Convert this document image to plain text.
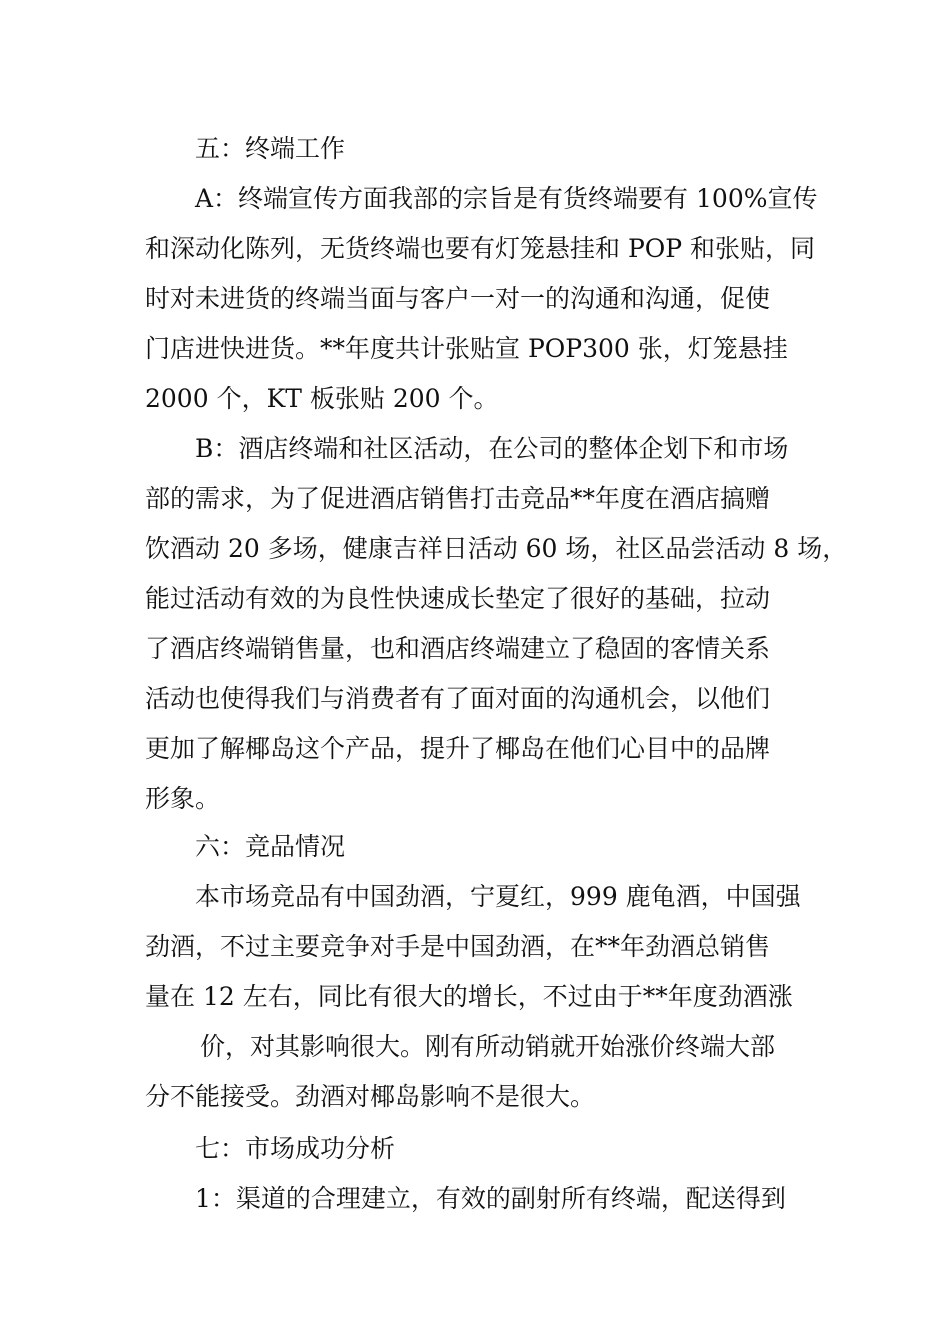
五：终端工作
A：终端宣传方面我部的宗旨是有货终端要有 100%宣传
和深动化陈列，无货终端也要有灯笼悬挂和 POP 和张贴，同
时对未进货的终端当面与客户一对一的沟通和沟通，促使
门店进快进货。**年度共计张贴宣 POP300 张，灯笼悬挂
2000 个，KT 板张贴 200 个。
B：酒店终端和社区活动，在公司的整体企划下和市场
部的需求，为了促进酒店销售打击竞品**年度在酒店搞赠
饮酒动 20 多场，健康吉祥日活动 60 场，社区品尝活动 8 场，
能过活动有效的为良性快速成长垫定了很好的基础，拉动
了酒店终端销售量，也和酒店终端建立了稳固的客情关系
活动也使得我们与消费者有了面对面的沟通机会，以他们
更加了解椰岛这个产品，提升了椰岛在他们心目中的品牌
形象。
六：竞品情况
本市场竞品有中国劲酒，宁夏红，999 鹿龟酒，中国强
劲酒，不过主要竞争对手是中国劲酒，在**年劲酒总销售
量在 12 左右，同比有很大的增长，不过由于**年度劲酒涨
价，对其影响很大。刚有所动销就开始涨价终端大部
分不能接受。劲酒对椰岛影响不是很大。
七：市场成功分析
1：渠道的合理建立，有效的副射所有终端，配送得到
